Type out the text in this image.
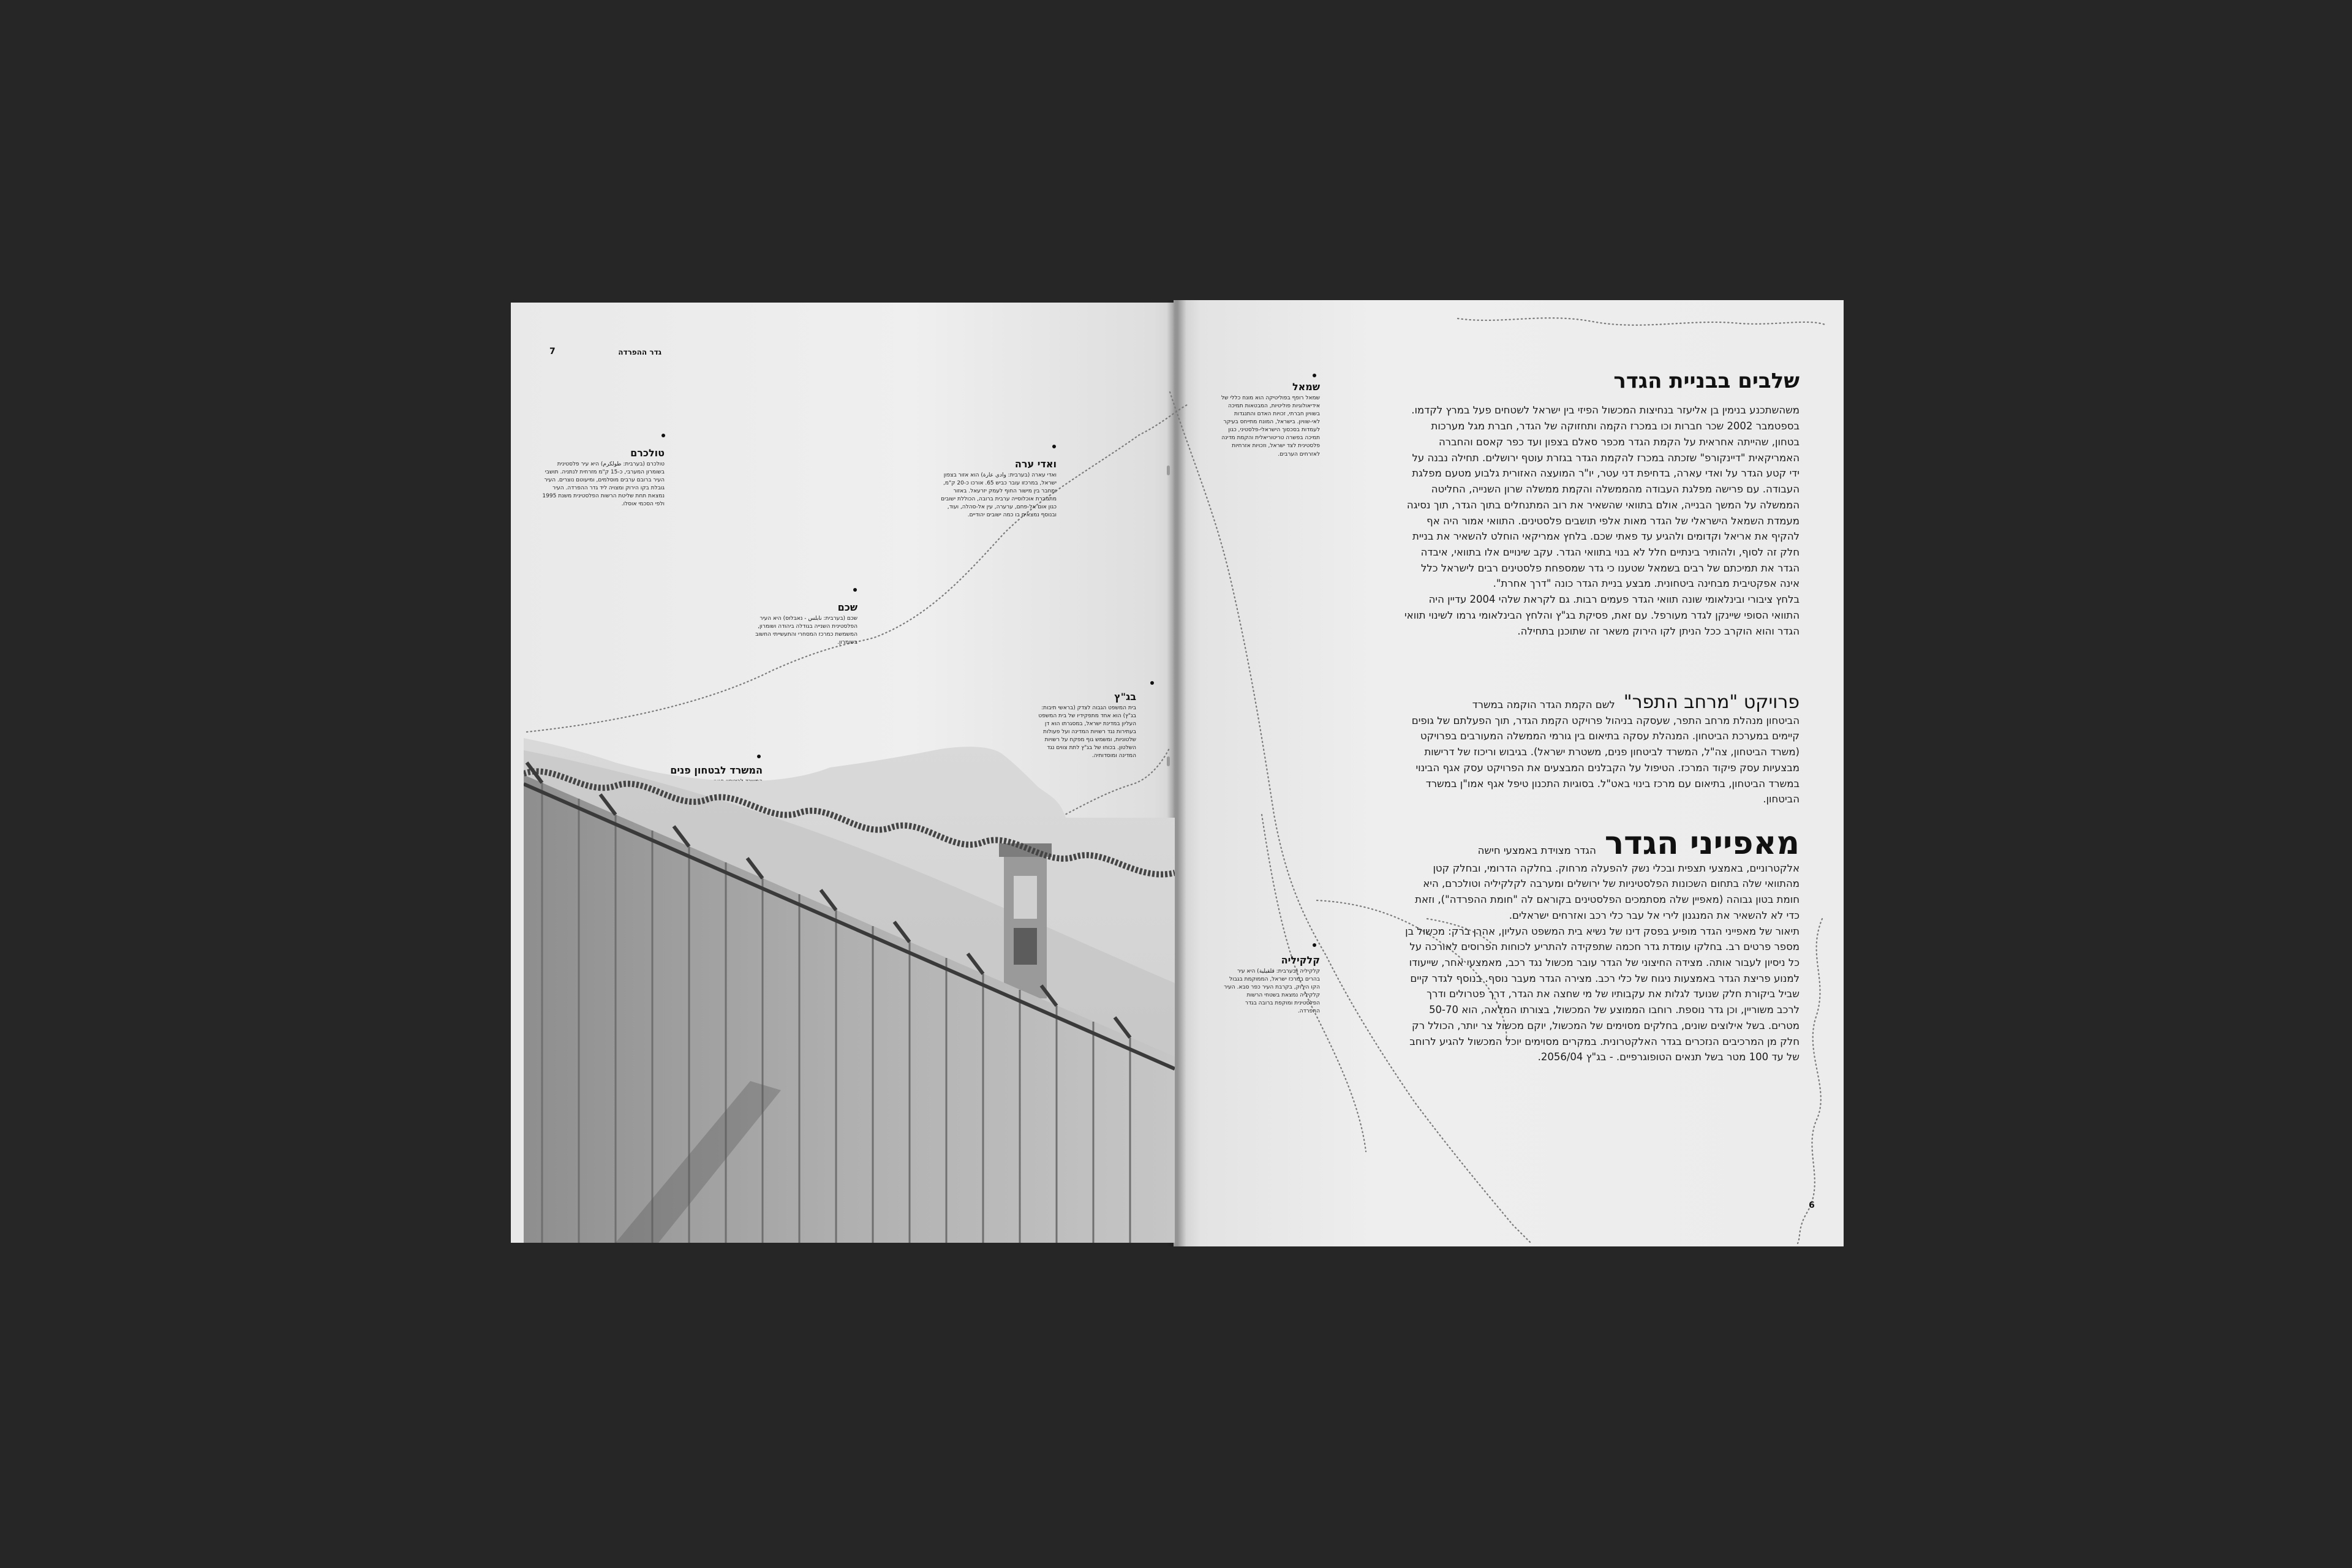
גדר ההפרדה
7
טולכרם
טולכרם (בערבית: طولكرم) היא עיר פלסטינית בשומרון המערבי, כ-15 ק"מ מזרחית לנתניה. תושבי העיר ברובם ערבים מוסלמים, ומיעוטם נוצרים. העיר גובלת בקו הירוק ומצויה ליד גדר ההפרדה. העיר נמצאת תחת שליטת הרשות הפלסטינית משנת 1995 ולפי הסכמי אוסלו.
ואדי ערה
ואדי עארה (בערבית: وادي عارة) הוא אזור בצפון ישראל, במרכזו עובר כביש 65. אורכו כ-20 ק"מ, ומחבר בין מישור החוף לעמק יזרעאל. באזור מתגוררת אוכלוסייה ערבית ברובה, הכוללת ישובים כגון אום אל-פחם, ערערה, עין אל-סהלה, ועוד, ובנוסף נמצאים בו כמה ישובים יהודיים.
שמאל
שמאל רופף בפוליטיקה הוא מונח כללי של אידיאולוגיות פוליטיות, המבטאות תמיכה בשוויון חברתי, זכויות האדם והתנגדות לאי-שוויון. בישראל, המונח מתייחס בעיקר לעמדות בסכסוך הישראלי-פלסטיני, כגון תמיכה בפשרה טריטוריאלית והקמת מדינה פלסטינית לצד ישראל, וזכויות אזרחיות לאזרחים הערבים.
שכם
שכם (בערבית: نابلس - נאבּלוּס) היא העיר הפלסטינית השנייה בגודלה ביהודה ושומרון, המשמשת כמרכז המסחרי והתעשייתי החשוב בשומרון.
בג"ץ
בית המשפט הגבוה לצדק (בראשי תיבות: בג"ץ) הוא אחד מתפקידיו של בית המשפט העליון במדינת ישראל, במסגרתו הוא דן בעתירות נגד רשויות המדינה ועל פעולות שלטוניות, ומשמש גוף מפקח על רשויות השלטון. בכוחו של בג"ץ לתת צווים נגד המדינה ומוסדותיה.
המשרד לבטחון פנים
קלקיליה
קלקיליה (בערבית: قلقيلية) היא עיר בהרים במרכז ישראל, הממוקמת בגבול הקו הירוק, בקרבת העיר כפר סבא. העיר קלקיליה נמצאת בשטחי הרשות הפלסטינית ומוקפת ברובה בגדר ההפרדה.
6
שלבים בבניית הגדר
משהשתכנע בנימין בן אליעזר בנחיצות המכשול הפיזי בין ישראל לשטחים פעל במרץ לקדמו. בספטמבר 2002 שכר חברות וכו במכרז הקמה ותחזוקה של הגדר, חברת מגל מערכות בטחון, שהייתה אחראית על הקמת הגדר מכפר סאלם בצפון ועד כפר קאסם והחברה האמריקאית "דיינקורפ" שזכתה במכרז להקמת הגדר בגזרת עוטף ירושלים. תחילה נבנה על ידי קטע הגדר על ואדי עארה, בדחיפת דני עטר, יו"ר המועצה האזורית גלבוע מטעם מפלגת העבודה. עם פרישה מפלגת העבודה מהממשלה והקמת ממשלה שרון השנייה, החליטה הממשלה על המשך הבנייה, אולם בתוואי שהשאיר את רוב המתנחלים בתוך הגדר, תוך נסיגה מעמדת השמאל הישראלי של הגדר מאות אלפי תושבים פלסטינים. התוואי אמור היה אף להקיף את אריאל וקדומים ולהגיע עד פאתי שכם. בלחץ אמריקאי הוחלט להשאיר את בניית חלק זה לסוף, ולהותיר בינתיים חלל לא בנוי בתוואי הגדר. עקב שינויים אלו בתוואי, איבדה הגדר את תמיכתם של רבים בשמאל שטענו כי גדר שמספחת פלסטינים רבים לישראל כלל אינה אפקטיבית מבחינה ביטחונית. מבצע בניית הגדר כונה "דרך אחרת".
בלחץ ציבורי ובינלאומי שונה תוואי הגדר פעמים רבות. גם לקראת שלהי 2004 עדיין היה התוואי הסופי שיינקן לגדר מעורפל. עם זאת, פסיקת בג"ץ והלחץ הבינלאומי גרמו לשינוי תוואי הגדר והוא הוקרב ככל הניתן לקו הירוק משאר זה שתוכנן בתחילה.
פרויקט "מרחב התפר"
לשם הקמת הגדר הוקמה במשרד
הביטחון מנהלת מרחב התפר, שעסקה בניהול פרויקט הקמת הגדר, תוך הפעלתם של גופים קיימים במערכת הביטחון. המנהלת עסקה בתיאום בין גורמי הממשלה המעורבים בפרויקט (משרד הביטחון, צה"ל, המשרד לביטחון פנים, משטרת ישראל). בגיבוש וריכוז של דרישות מבצעיות עסק פיקוד המרכז. הטיפול על הקבלנים המבצעים את הפרויקט עסק אגף הבינוי במשרד הביטחון, בתיאום עם מרכז בינוי באט"ל. בסוגיות התכנון טיפל אגף אמו"ן במשרד הביטחון.
מאפייני הגדר
הגדר מצוידת באמצעי חישה
אלקטרוניים, באמצעי תצפית ובכלי נשק להפעלה מרחוק. בחלקה הדרומי, ובחלק קטן מהתוואי שלה בתחום השכונות הפלסטיניות של ירושלים ומערבה לקלקיליה וטולכרם, היא חומת בטון גבוהה (מאפיין שלה מסתמכים הפלסטינים בקוראם לה "חומת ההפרדה"), וזאת כדי לא להשאיר את המנגנון לירי אל עבר כלי רכב ואזרחים ישראלים.
תיאור של מאפייני הגדר מופיע בפסק דינו של נשיא בית המשפט העליון, אהרן ברק: מכשול בן מספר פרטים רב. בחלקו עומדת גדר חכמה שתפקידה להתריע לכוחות הפרוסים לאורכה על כל ניסיון לעבור אותה. מצידה החיצוני של הגדר עובר מכשול נגד רכב, מאמצעי אחר, שייעודו למנוע פריצת הגדר באמצעות ניגוח של כלי רכב. מצירה הגדר מעבר נוסף. בנוסף לגדר קיים שביל ביקורת חלק שנועד לגלות את עקבותיו של מי שחצה את הגדר, דרך פטרולים ודרך לרכב משוריין, וכן גדר נוספת. רוחבו הממוצע של המכשול, בצורתו המלאה, הוא 50-70 מטרים. בשל אילוצים שונים, בחלקים מסוימים של המכשול, יוקם מכשול צר יותר, הכולל רק חלק מן המרכיבים הנזכרים בגדר האלקטרונית. במקרים מסוימים יוכל המכשול להגיע לרוחב של עד 100 מטר בשל תנאים הטופוגרפיים. - בג"ץ 2056/04.
